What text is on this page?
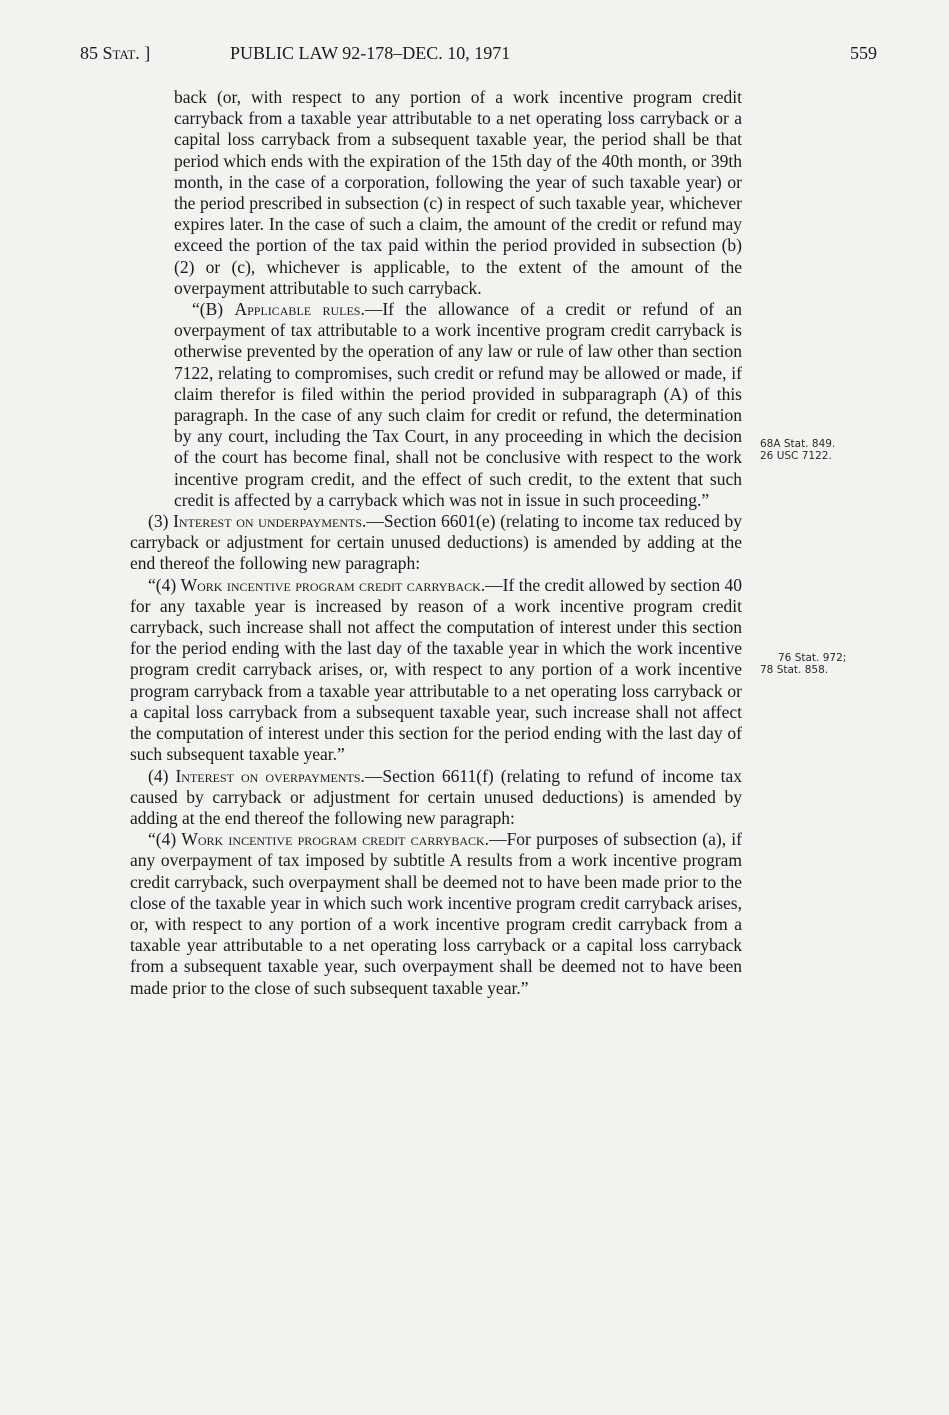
85 Stat. ]	PUBLIC LAW 92-178–DEC. 10, 1971	559

back (or, with respect to any portion of a work incentive program credit carryback from a taxable year attributable to a net operating loss carryback or a capital loss carryback from a subsequent taxable year, the period shall be that period which ends with the expiration of the 15th day of the 40th month, or 39th month, in the case of a corporation, following the year of such taxable year) or the period prescribed in subsection (c) in respect of such taxable year, whichever expires later. In the case of such a claim, the amount of the credit or refund may exceed the portion of the tax paid within the period provided in subsection (b) (2) or (c), whichever is applicable, to the extent of the amount of the overpayment attributable to such carryback.

“(B) Applicable rules.—If the allowance of a credit or refund of an overpayment of tax attributable to a work incentive program credit carryback is otherwise prevented by the operation of any law or rule of law other than section 7122, relating to compromises, such credit or refund may be allowed or made, if claim therefor is filed within the period provided in subparagraph (A) of this paragraph. In the case of any such claim for credit or refund, the determination by any court, including the Tax Court, in any proceeding in which the decision of the court has become final, shall not be conclusive with respect to the work incentive program credit, and the effect of such credit, to the extent that such credit is affected by a carryback which was not in issue in such proceeding.”

(3) Interest on underpayments.—Section 6601(e) (relating to income tax reduced by carryback or adjustment for certain unused deductions) is amended by adding at the end thereof the following new paragraph:

“(4) Work incentive program credit carryback.—If the credit allowed by section 40 for any taxable year is increased by reason of a work incentive program credit carryback, such increase shall not affect the computation of interest under this section for the period ending with the last day of the taxable year in which the work incentive program credit carryback arises, or, with respect to any portion of a work incentive program carryback from a taxable year attributable to a net operating loss carryback or a capital loss carryback from a subsequent taxable year, such increase shall not affect the computation of interest under this section for the period ending with the last day of such subsequent taxable year.”

(4) Interest on overpayments.—Section 6611(f) (relating to refund of income tax caused by carryback or adjustment for certain unused deductions) is amended by adding at the end thereof the following new paragraph:

“(4) Work incentive program credit carryback.—For purposes of subsection (a), if any overpayment of tax imposed by subtitle A results from a work incentive program credit carryback, such overpayment shall be deemed not to have been made prior to the close of the taxable year in which such work incentive program credit carryback arises, or, with respect to any portion of a work incentive program credit carryback from a taxable year attributable to a net operating loss carryback or a capital loss carryback from a subsequent taxable year, such overpayment shall be deemed not to have been made prior to the close of such subsequent taxable year.”

68A Stat. 849.
26 USC 7122.
76 Stat. 972;
78 Stat. 858.
